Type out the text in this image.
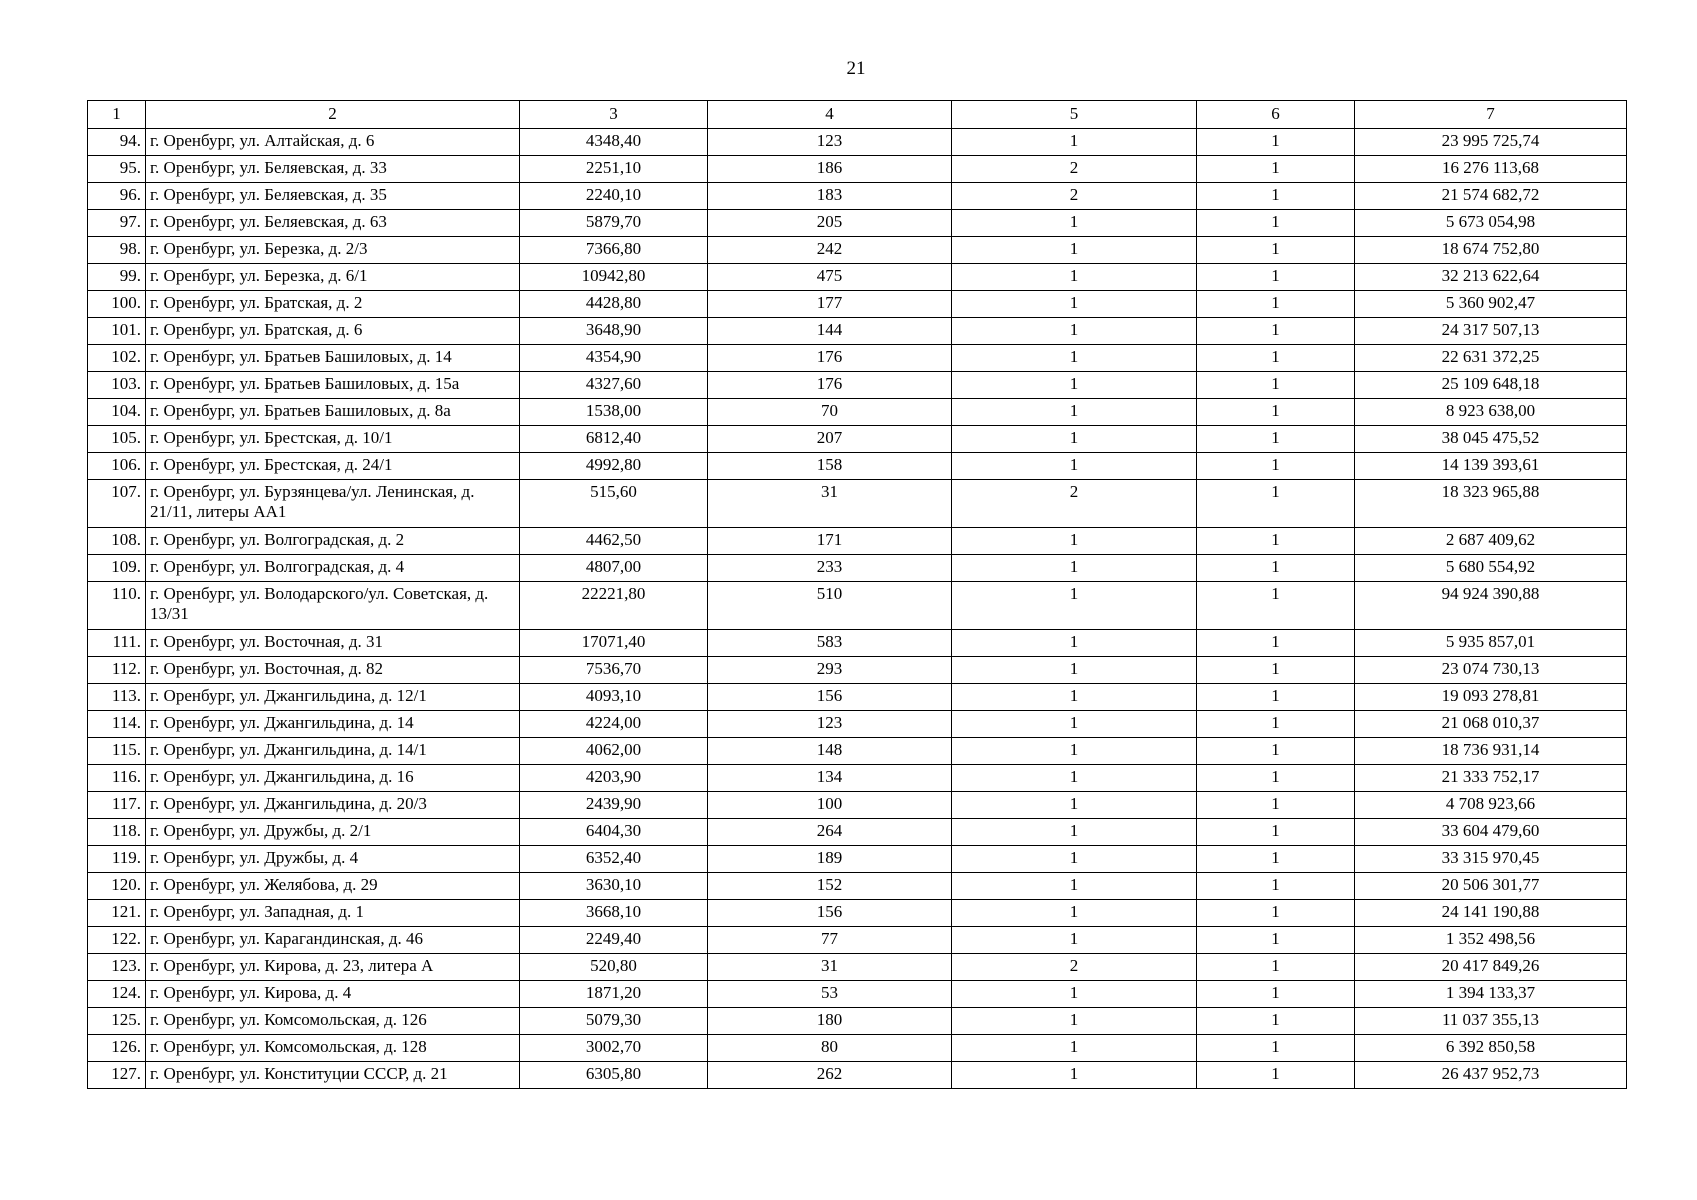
21
1	2	3	4	5	6	7
94.	г. Оренбург, ул. Алтайская, д. 6	4348,40	123	1	1	23 995 725,74
95.	г. Оренбург, ул. Беляевская, д. 33	2251,10	186	2	1	16 276 113,68
96.	г. Оренбург, ул. Беляевская, д. 35	2240,10	183	2	1	21 574 682,72
97.	г. Оренбург, ул. Беляевская, д. 63	5879,70	205	1	1	5 673 054,98
98.	г. Оренбург, ул. Березка, д. 2/3	7366,80	242	1	1	18 674 752,80
99.	г. Оренбург, ул. Березка, д. 6/1	10942,80	475	1	1	32 213 622,64
100.	г. Оренбург, ул. Братская, д. 2	4428,80	177	1	1	5 360 902,47
101.	г. Оренбург, ул. Братская, д. 6	3648,90	144	1	1	24 317 507,13
102.	г. Оренбург, ул. Братьев Башиловых, д. 14	4354,90	176	1	1	22 631 372,25
103.	г. Оренбург, ул. Братьев Башиловых, д. 15а	4327,60	176	1	1	25 109 648,18
104.	г. Оренбург, ул. Братьев Башиловых, д. 8а	1538,00	70	1	1	8 923 638,00
105.	г. Оренбург, ул. Брестская, д. 10/1	6812,40	207	1	1	38 045 475,52
106.	г. Оренбург, ул. Брестская, д. 24/1	4992,80	158	1	1	14 139 393,61
107.	г. Оренбург, ул. Бурзянцева/ул. Ленинская, д. 21/11, литеры АА1	515,60	31	2	1	18 323 965,88
108.	г. Оренбург, ул. Волгоградская, д. 2	4462,50	171	1	1	2 687 409,62
109.	г. Оренбург, ул. Волгоградская, д. 4	4807,00	233	1	1	5 680 554,92
110.	г. Оренбург, ул. Володарского/ул. Советская, д. 13/31	22221,80	510	1	1	94 924 390,88
111.	г. Оренбург, ул. Восточная, д. 31	17071,40	583	1	1	5 935 857,01
112.	г. Оренбург, ул. Восточная, д. 82	7536,70	293	1	1	23 074 730,13
113.	г. Оренбург, ул. Джангильдина, д. 12/1	4093,10	156	1	1	19 093 278,81
114.	г. Оренбург, ул. Джангильдина, д. 14	4224,00	123	1	1	21 068 010,37
115.	г. Оренбург, ул. Джангильдина, д. 14/1	4062,00	148	1	1	18 736 931,14
116.	г. Оренбург, ул. Джангильдина, д. 16	4203,90	134	1	1	21 333 752,17
117.	г. Оренбург, ул. Джангильдина, д. 20/3	2439,90	100	1	1	4 708 923,66
118.	г. Оренбург, ул. Дружбы, д. 2/1	6404,30	264	1	1	33 604 479,60
119.	г. Оренбург, ул. Дружбы, д. 4	6352,40	189	1	1	33 315 970,45
120.	г. Оренбург, ул. Желябова, д. 29	3630,10	152	1	1	20 506 301,77
121.	г. Оренбург, ул. Западная, д. 1	3668,10	156	1	1	24 141 190,88
122.	г. Оренбург, ул. Карагандинская, д. 46	2249,40	77	1	1	1 352 498,56
123.	г. Оренбург, ул. Кирова, д. 23, литера А	520,80	31	2	1	20 417 849,26
124.	г. Оренбург, ул. Кирова, д. 4	1871,20	53	1	1	1 394 133,37
125.	г. Оренбург, ул. Комсомольская, д. 126	5079,30	180	1	1	11 037 355,13
126.	г. Оренбург, ул. Комсомольская, д. 128	3002,70	80	1	1	6 392 850,58
127.	г. Оренбург, ул. Конституции СССР, д. 21	6305,80	262	1	1	26 437 952,73
